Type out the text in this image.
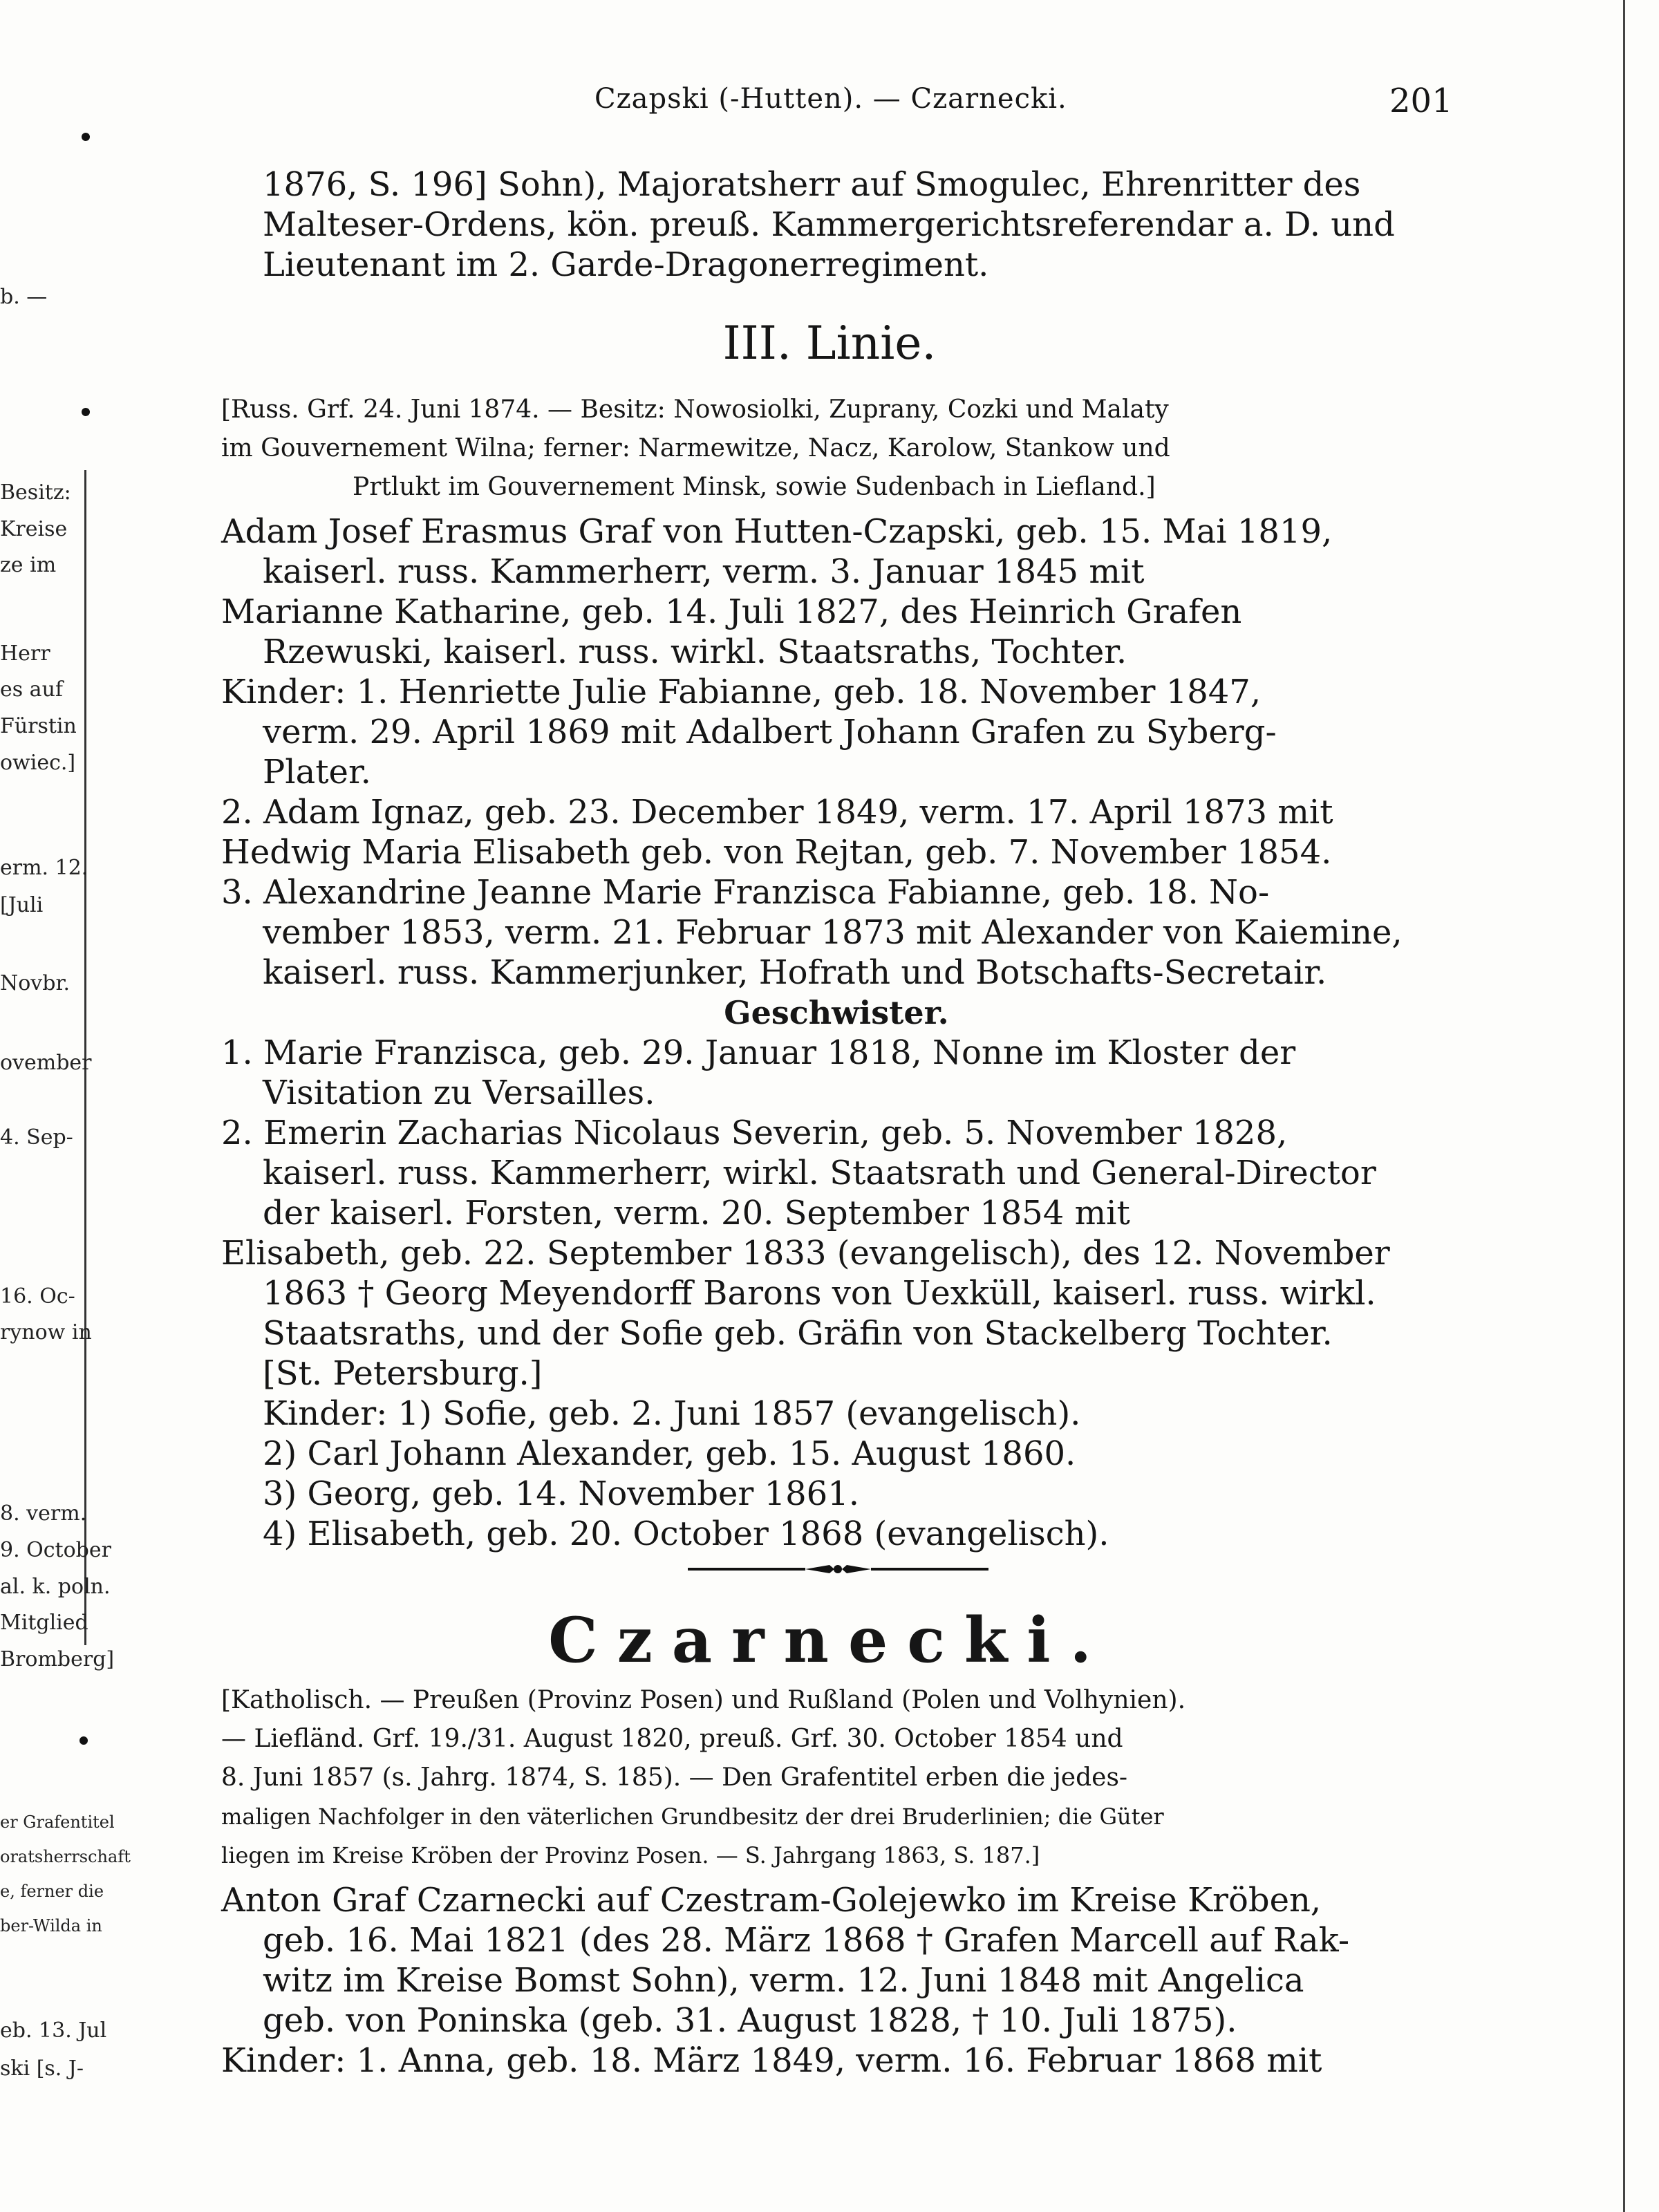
b. —
Besitz:
Kreise
ze im
Herr
es auf
Fürstin
owiec.]
erm. 12.
[Juli
Novbr.
ovember
4. Sep-
16. Oc-
rynow in
8. verm.
9. October
al. k. poln.
Mitglied
Bromberg]
er Grafentitel
oratsherrschaft
e, ferner die
ber-Wilda in
eb. 13. Jul
ski [s. J-
Czapski (-Hutten). — Czarnecki.	201
1876, S. 196] Sohn), Majoratsherr auf Smogulec, Ehrenritter des
Malteser-Ordens, kön. preuß. Kammergerichtsreferendar a. D. und
Lieutenant im 2. Garde-Dragonerregiment.
III. Linie.
[Russ. Grf. 24. Juni 1874. — Besitz: Nowosiolki, Zuprany, Cozki und Malaty
im Gouvernement Wilna; ferner: Narmewitze, Nacz, Karolow, Stankow und
Prtlukt im Gouvernement Minsk, sowie Sudenbach in Liefland.]
Adam Josef Erasmus Graf von Hutten-Czapski, geb. 15. Mai 1819,
kaiserl. russ. Kammerherr, verm. 3. Januar 1845 mit
Marianne Katharine, geb. 14. Juli 1827, des Heinrich Grafen
Rzewuski, kaiserl. russ. wirkl. Staatsraths, Tochter.
Kinder: 1. Henriette Julie Fabianne, geb. 18. November 1847,
verm. 29. April 1869 mit Adalbert Johann Grafen zu Syberg-
Plater.
2. Adam Ignaz, geb. 23. December 1849, verm. 17. April 1873 mit
Hedwig Maria Elisabeth geb. von Rejtan, geb. 7. November 1854.
3. Alexandrine Jeanne Marie Franzisca Fabianne, geb. 18. No-
vember 1853, verm. 21. Februar 1873 mit Alexander von Kaiemine,
kaiserl. russ. Kammerjunker, Hofrath und Botschafts-Secretair.
Geschwister.
1. Marie Franzisca, geb. 29. Januar 1818, Nonne im Kloster der
Visitation zu Versailles.
2. Emerin Zacharias Nicolaus Severin, geb. 5. November 1828,
kaiserl. russ. Kammerherr, wirkl. Staatsrath und General-Director
der kaiserl. Forsten, verm. 20. September 1854 mit
Elisabeth, geb. 22. September 1833 (evangelisch), des 12. November
1863 † Georg Meyendorff Barons von Uexküll, kaiserl. russ. wirkl.
Staatsraths, und der Sofie geb. Gräfin von Stackelberg Tochter.
[St. Petersburg.]
Kinder: 1) Sofie, geb. 2. Juni 1857 (evangelisch).
2) Carl Johann Alexander, geb. 15. August 1860.
3) Georg, geb. 14. November 1861.
4) Elisabeth, geb. 20. October 1868 (evangelisch).
Czarnecki.
[Katholisch. — Preußen (Provinz Posen) und Rußland (Polen und Volhynien).
— Liefländ. Grf. 19./31. August 1820, preuß. Grf. 30. October 1854 und
8. Juni 1857 (s. Jahrg. 1874, S. 185). — Den Grafentitel erben die jedes-
maligen Nachfolger in den väterlichen Grundbesitz der drei Bruderlinien; die Güter
liegen im Kreise Kröben der Provinz Posen. — S. Jahrgang 1863, S. 187.]
Anton Graf Czarnecki auf Czestram-Golejewko im Kreise Kröben,
geb. 16. Mai 1821 (des 28. März 1868 † Grafen Marcell auf Rak-
witz im Kreise Bomst Sohn), verm. 12. Juni 1848 mit Angelica
geb. von Poninska (geb. 31. August 1828, † 10. Juli 1875).
Kinder: 1. Anna, geb. 18. März 1849, verm. 16. Februar 1868 mit
